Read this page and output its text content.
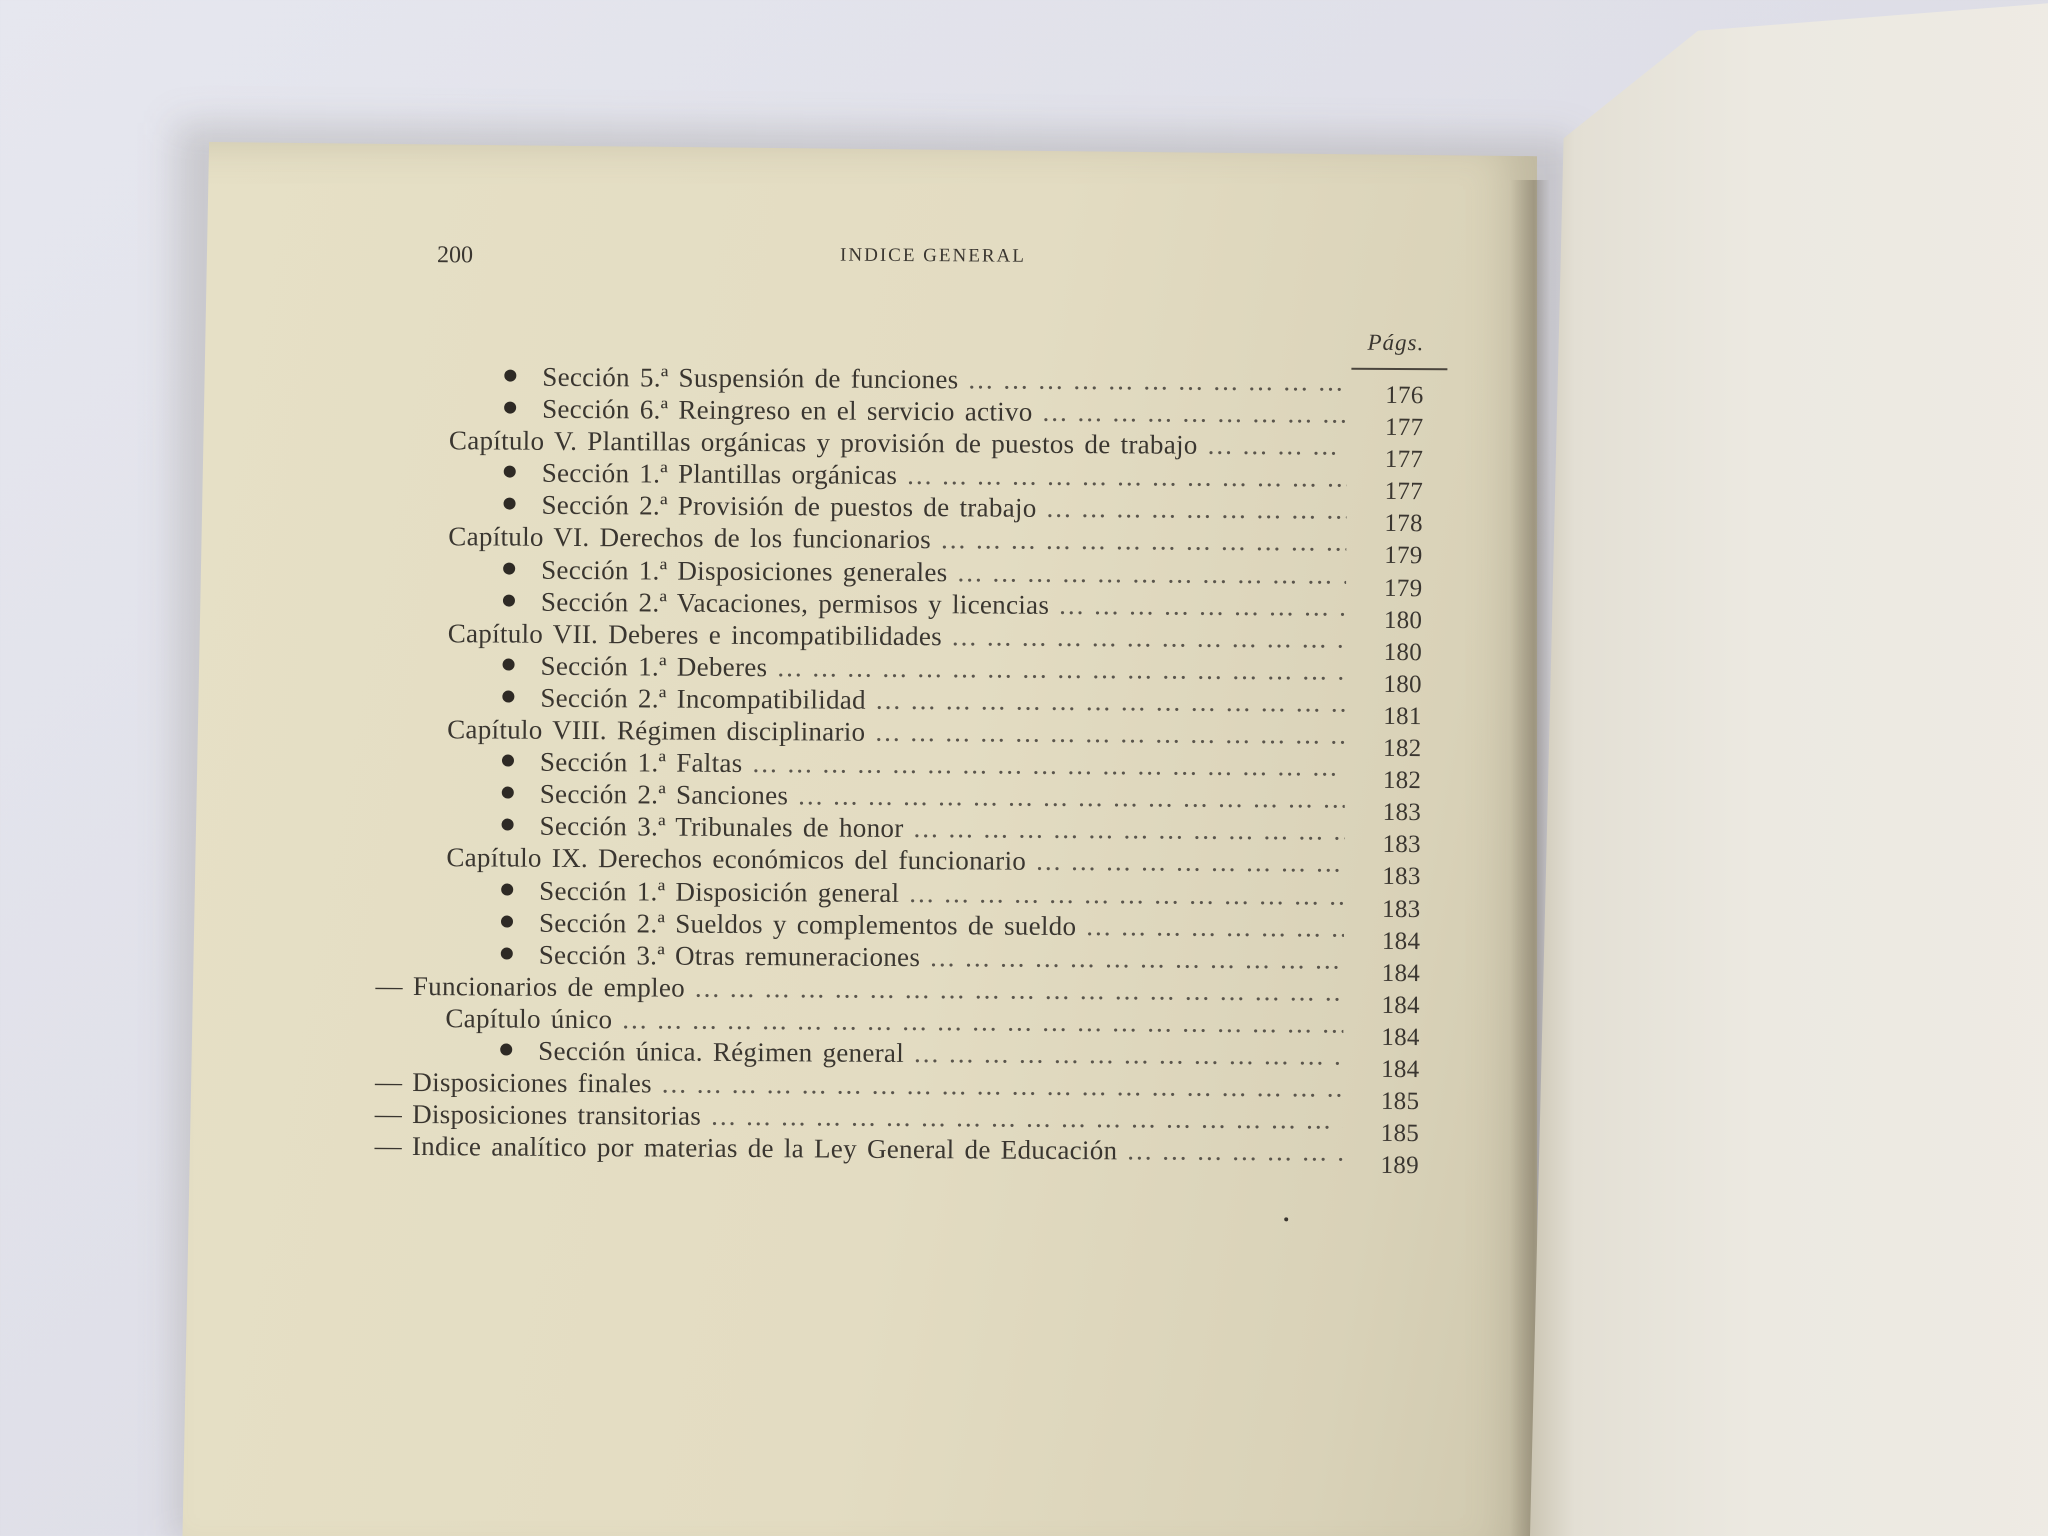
200	INDICE GENERAL
Págs.
Sección 5.ª Suspensión de funciones
... .
176
Sección 6.ª Reingreso en el servicio activo
... .
177
Capítulo V. Plantillas orgánicas y provisión de puestos de trabajo
... .	177
Sección 1.ª Plantillas orgánicas
... .
177
Sección 2.ª Provisión de puestos de trabajo
... .
178
Capítulo VI. Derechos de los funcionarios
... .
179
Sección 1.ª Disposiciones generales
... .
179
Sección 2.ª Vacaciones, permisos y licencias
... .
180
Capítulo VII. Deberes e incompatibilidades
... .
180
Sección 1.ª Deberes
... .
180
Sección 2.ª Incompatibilidad
... .
181
Capítulo VIII. Régimen disciplinario
... .
182
Sección 1.ª Faltas
... .
182
Sección 2.ª Sanciones
... .
183
Sección 3.ª Tribunales de honor
... .
183
Capítulo IX. Derechos económicos del funcionario
... .
183
Sección 1.ª Disposición general
... .
183
Sección 2.ª Sueldos y complementos de sueldo
... .
184
Sección 3.ª Otras remuneraciones
... .
184
— Funcionarios de empleo
... .
184
Capítulo único
... .
184
Sección única. Régimen general
... .
184
— Disposiciones finales
... .
185
— Disposiciones transitorias
... .
185
— Indice analítico por materias de la Ley General de Educación
... .
189
